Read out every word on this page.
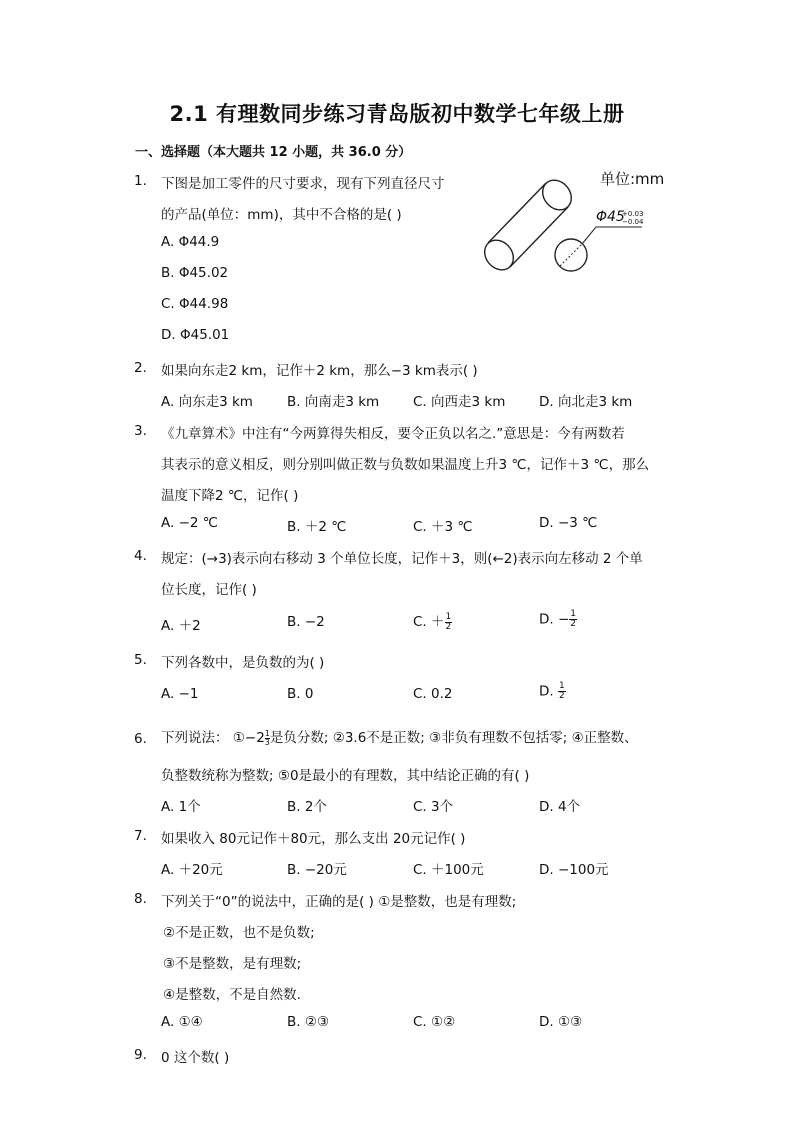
2.1 有理数同步练习青岛版初中数学七年级上册
一、选择题（本大题共 12 小题，共 36.0 分）
单位:mm
Φ45
+0.03
−0.04
1. 下图是加工零件的尺寸要求，现有下列直径尺寸
的产品(单位：mm)，其中不合格的是( )
A. Φ44.9
B. Φ45.02
C. Φ44.98
D. Φ45.01
2. 如果向东走2 km，记作＋2 km，那么−3 km表示( )
A. 向东走3 km	B. 向南走3 km	C. 向西走3 km D. 向北走3 km
3. 《九章算术》中注有“今两算得失相反，要令正负以名之.”意思是：今有两数若
其表示的意义相反，则分别叫做正数与负数如果温度上升3 ℃，记作＋3 ℃，那么
温度下降2 ℃，记作( )
A. −2 ℃	B. ＋2 ℃	C. ＋3 ℃	D. −3 ℃
4. 规定：(→3)表示向右移动 3 个单位长度，记作＋3，则(←2)表示向左移动 2 个单
位长度，记作( )
A. ＋2	B. −2	C. ＋ $\frac{1}{2}$	D. − $\frac{1}{2}$
5. 下列各数中，是负数的为( )
A. −1	B. 0	C. 0.2	D. $\frac{1}{2}$
6. 下列说法： ①−2 $\frac{1}{3}$ 是负分数; ②3.6不是正数; ③非负有理数不包括零; ④正整数、
负整数统称为整数; ⑤0是最小的有理数，其中结论正确的有( )
A. 1个	B. 2个	C. 3个	D. 4个
7. 如果收入 80元记作＋80元，那么支出 20元记作( )
A. ＋20元	B. −20元	C. ＋100元	D. −100元
8. 下列关于“0”的说法中，正确的是( ) ①是整数，也是有理数;
②不是正数，也不是负数;
③不是整数，是有理数;
④是整数，不是自然数.
A. ①④	B. ②③	C. ①②	D. ①③
9. 0 这个数( )
